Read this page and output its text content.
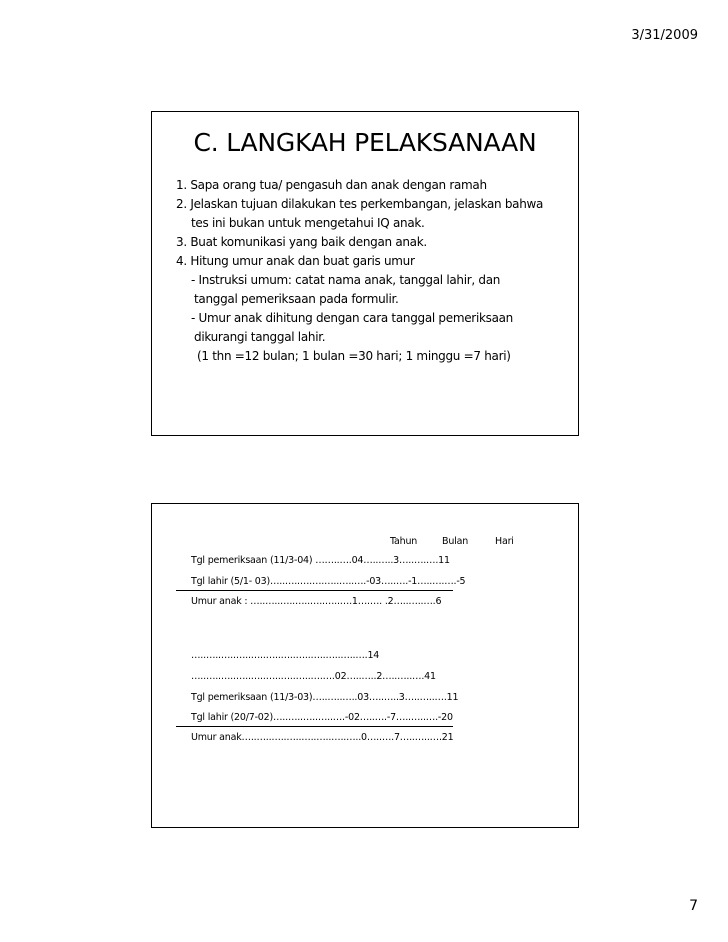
3/31/2009
C. LANGKAH PELAKSANAAN
1. Sapa orang tua/ pengasuh dan anak dengan ramah
2. Jelaskan tujuan dilakukan tes perkembangan, jelaskan bahwa
tes ini bukan untuk mengetahui IQ anak.
3. Buat komunikasi yang baik dengan anak.
4. Hitung umur anak dan buat garis umur
- Instruksi umum: catat nama anak, tanggal lahir, dan
tanggal pemeriksaan pada formulir.
- Umur anak dihitung dengan cara tanggal pemeriksaan
dikurangi tanggal lahir.
(1 thn =12 bulan; 1 bulan =30 hari; 1 minggu =7 hari)
Tahun	Bulan	Hari
Tgl pemeriksaan (11/3-04) ……..….04…..…..3…..….….11
Tgl lahir (5/1- 03)…..…..….….…..…..….-03…..….-1…..….….-5
Umur anak : …..…..…..…..…..…..….1….…. .2…..…..….6
…..…..…..…..…..…..…..…..…..…..…..….14
…..…..…..…..…..…..…..…..….….02…..…..2…..…..….41
Tgl pemeriksaan (11/3-03)…..…..…..03…..…..3…..…..….11
Tgl lahir (20/7-02)…..…..…..…..….-02…..….-7…..…..….-20
Umur anak…..…..…..…..…..…..…..…..0…..….7…..…..….21
7
